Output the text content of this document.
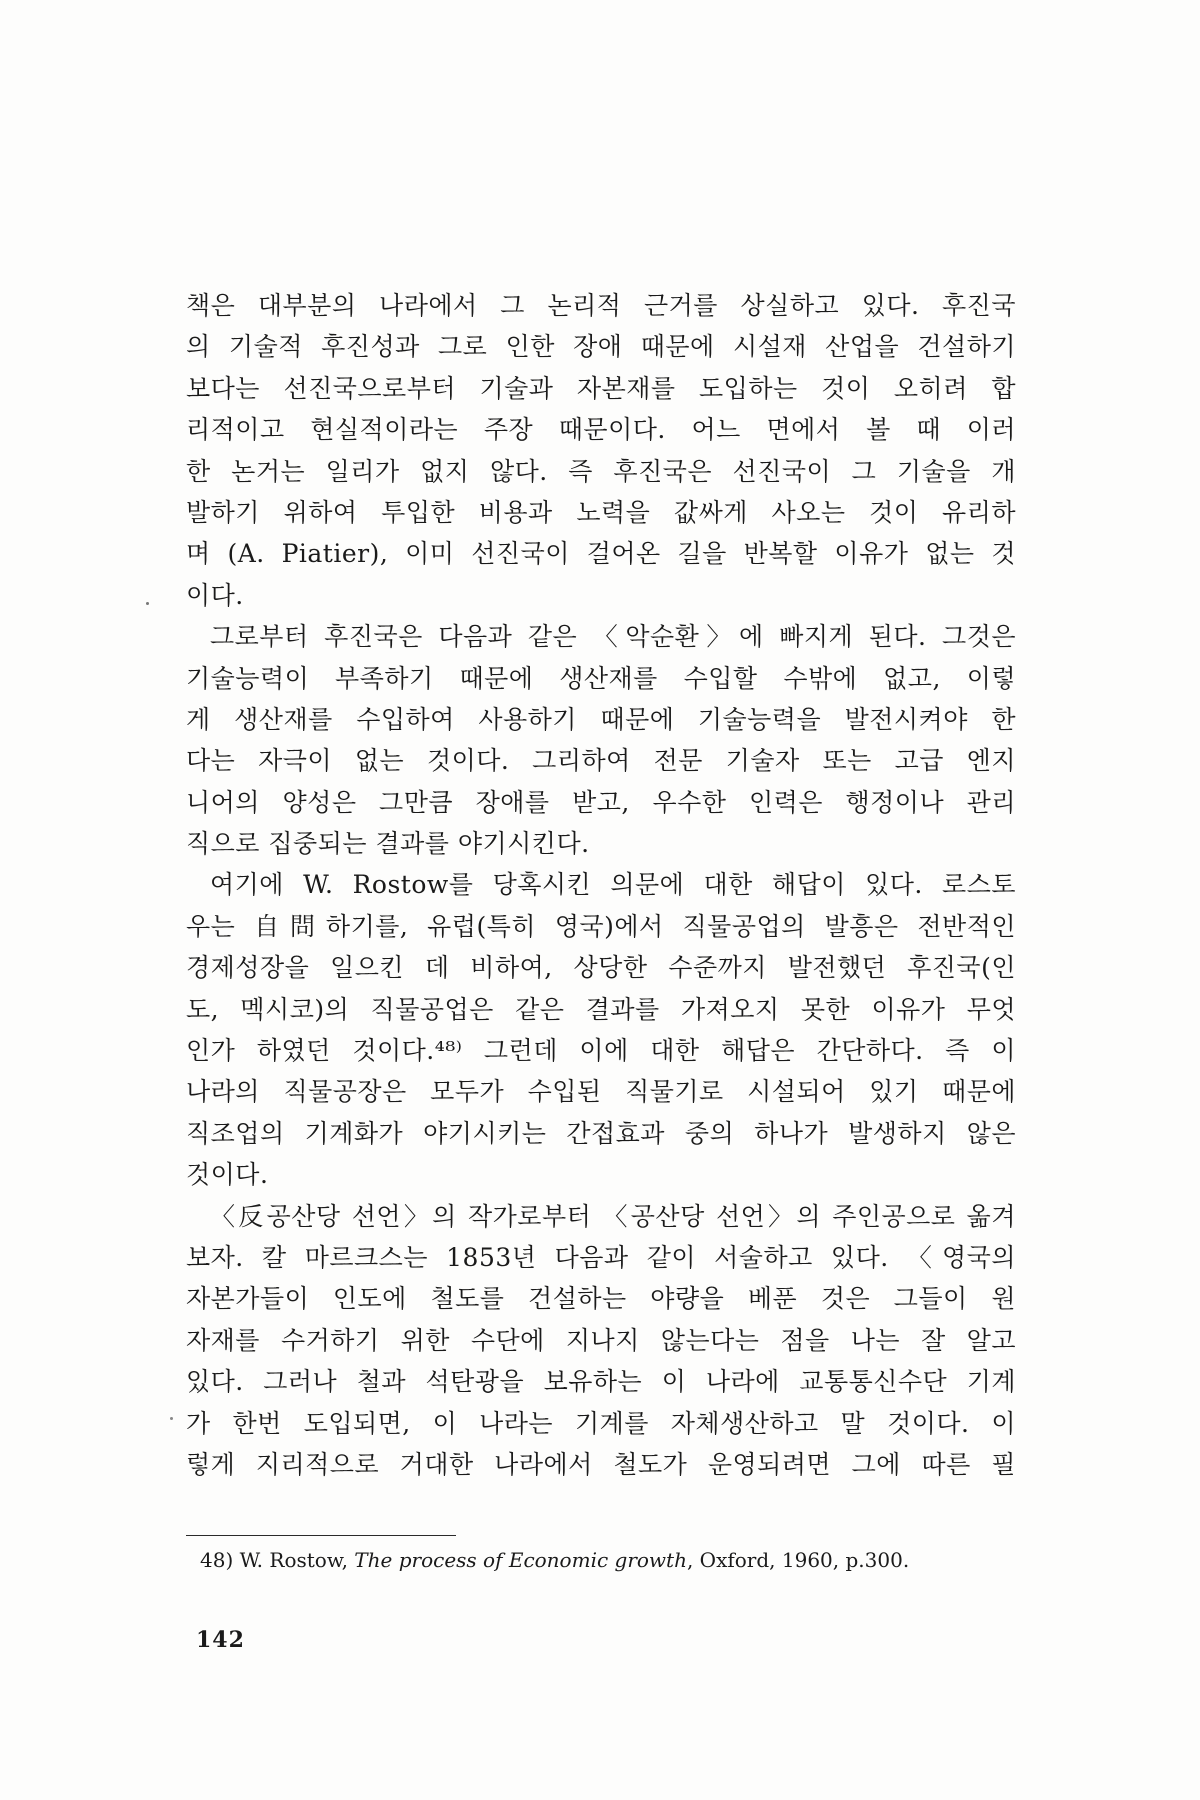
책은 대부분의 나라에서 그 논리적 근거를 상실하고 있다. 후진국
의 기술적 후진성과 그로 인한 장애 때문에 시설재 산업을 건설하기
보다는 선진국으로부터 기술과 자본재를 도입하는 것이 오히려 합
리적이고 현실적이라는 주장 때문이다. 어느 면에서 볼 때 이러
한 논거는 일리가 없지 않다. 즉 후진국은 선진국이 그 기술을 개
발하기 위하여 투입한 비용과 노력을 값싸게 사오는 것이 유리하
며 (A. Piatier), 이미 선진국이 걸어온 길을 반복할 이유가 없는 것
이다.
그로부터 후진국은 다음과 같은 〈악순환〉에 빠지게 된다. 그것은
기술능력이 부족하기 때문에 생산재를 수입할 수밖에 없고, 이렇
게 생산재를 수입하여 사용하기 때문에 기술능력을 발전시켜야 한
다는 자극이 없는 것이다. 그리하여 전문 기술자 또는 고급 엔지
니어의 양성은 그만큼 장애를 받고, 우수한 인력은 행정이나 관리
직으로 집중되는 결과를 야기시킨다.
여기에 W. Rostow를 당혹시킨 의문에 대한 해답이 있다. 로스토
우는 自問하기를, 유럽(특히 영국)에서 직물공업의 발흥은 전반적인
경제성장을 일으킨 데 비하여, 상당한 수준까지 발전했던 후진국(인
도, 멕시코)의 직물공업은 같은 결과를 가져오지 못한 이유가 무엇
인가 하였던 것이다.⁴⁸⁾ 그런데 이에 대한 해답은 간단하다. 즉 이
나라의 직물공장은 모두가 수입된 직물기로 시설되어 있기 때문에
직조업의 기계화가 야기시키는 간접효과 중의 하나가 발생하지 않은
것이다.
〈反공산당 선언〉의 작가로부터 〈공산당 선언〉의 주인공으로 옮겨
보자. 칼 마르크스는 1853년 다음과 같이 서술하고 있다. 〈영국의
자본가들이 인도에 철도를 건설하는 야량을 베푼 것은 그들이 원
자재를 수거하기 위한 수단에 지나지 않는다는 점을 나는 잘 알고
있다. 그러나 철과 석탄광을 보유하는 이 나라에 교통통신수단 기계
가 한번 도입되면, 이 나라는 기계를 자체생산하고 말 것이다. 이
렇게 지리적으로 거대한 나라에서 철도가 운영되려면 그에 따른 필
48) W. Rostow, The process of Economic growth, Oxford, 1960, p.300.
142
